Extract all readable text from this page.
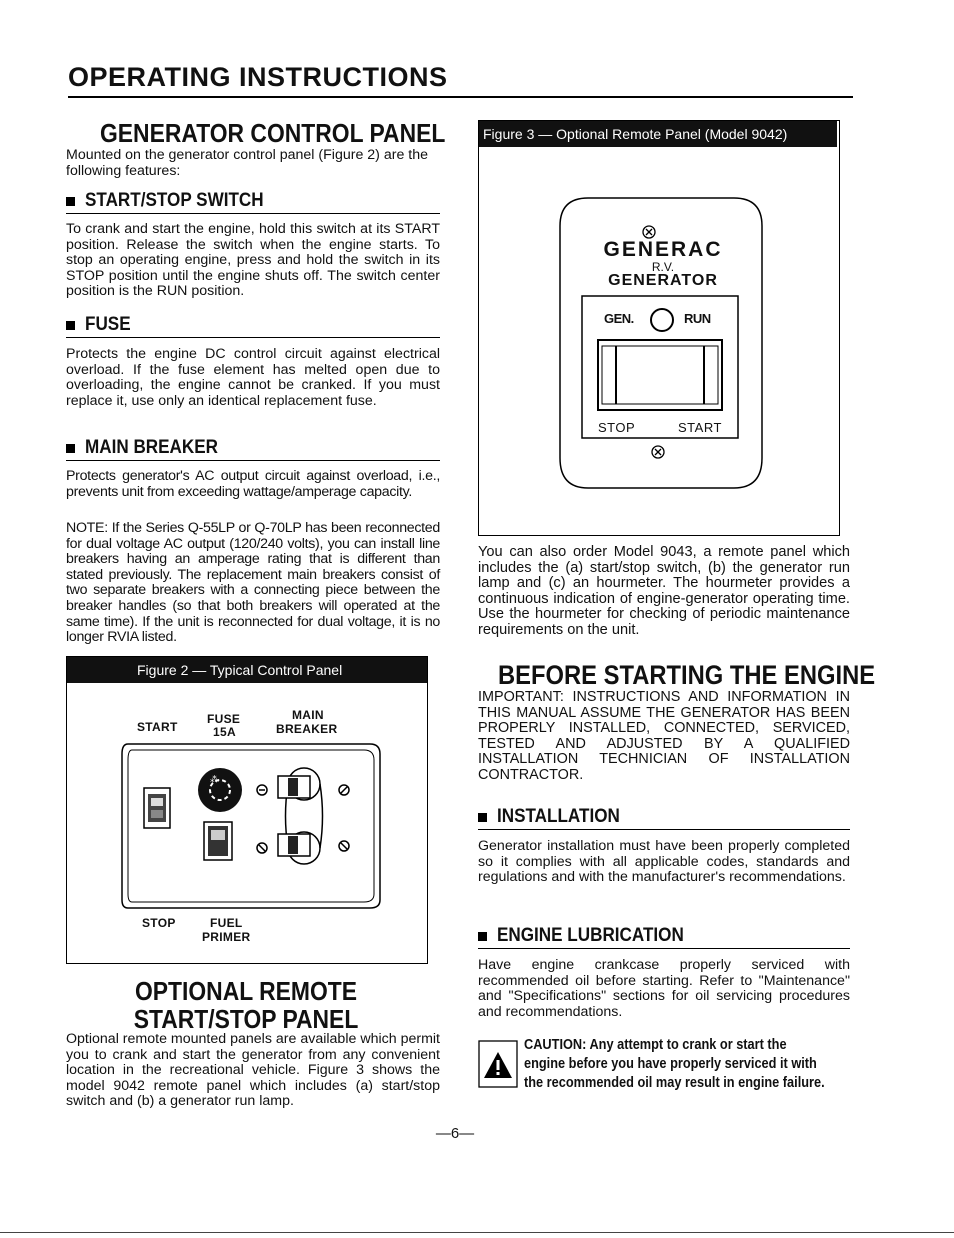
OPERATING INSTRUCTIONS
GENERATOR CONTROL PANEL

Mounted on the generator control panel (Figure 2) are the following features:

START/STOP SWITCH

To crank and start the engine, hold this switch at its START position. Release the switch when the engine starts. To stop an operating engine, press and hold the switch in its STOP position until the engine shuts off. The switch center position is the RUN position.

FUSE

Protects the engine DC control circuit against electrical overload. If the fuse element has melted open due to overloading, the engine cannot be cranked. If you must replace it, use only an identical replacement fuse.

MAIN BREAKER

Protects generator's AC output circuit against overload, i.e., prevents unit from exceeding wattage/amperage capacity.

NOTE: If the Series Q-55LP or Q-70LP has been reconnected for dual voltage AC output (120/240 volts), you can install line breakers having an amperage rating that is different than stated previously. The replacement main breakers consist of two separate breakers with a connecting piece between the breaker handles (so that both breakers will operated at the same time). If the unit is reconnected for dual voltage, it is no longer RVIA listed.

Figure 2 — Typical Control Panel
START
FUSE
15A
MAIN
BREAKER
STOP	FUEL
PRIMER
⁂
OPTIONAL REMOTE
START/STOP PANEL

Optional remote mounted panels are available which permit you to crank and start the generator from any convenient location in the recreational vehicle. Figure 3 shows the model 9042 remote panel which includes (a) start/stop switch and (b) a generator run lamp.

Figure 3 — Optional Remote Panel (Model 9042)
GENERAC
R.V.
GENERATOR
GEN.	RUN
STOP	START

You can also order Model 9043, a remote panel which includes the (a) start/stop switch, (b) the generator run lamp and (c) an hourmeter. The hourmeter provides a continuous indication of engine-generator operating time. Use the hourmeter for checking of periodic maintenance requirements on the unit.

BEFORE STARTING THE ENGINE

IMPORTANT: INSTRUCTIONS AND INFORMATION IN THIS MANUAL ASSUME THE GENERATOR HAS BEEN PROPERLY INSTALLED, CONNECTED, SERVICED, TESTED AND ADJUSTED BY A QUALIFIED INSTALLATION TECHNICIAN OF INSTALLATION CONTRACTOR.

INSTALLATION

Generator installation must have been properly completed so it complies with all applicable codes, standards and regulations and with the manufacturer's recommendations.

ENGINE LUBRICATION

Have engine crankcase properly serviced with recommended oil before starting. Refer to "Maintenance" and "Specifications" sections for oil servicing procedures and recommendations.

CAUTION: Any attempt to crank or start the
engine before you have properly serviced it with
the recommended oil may result in engine failure.
—6—
